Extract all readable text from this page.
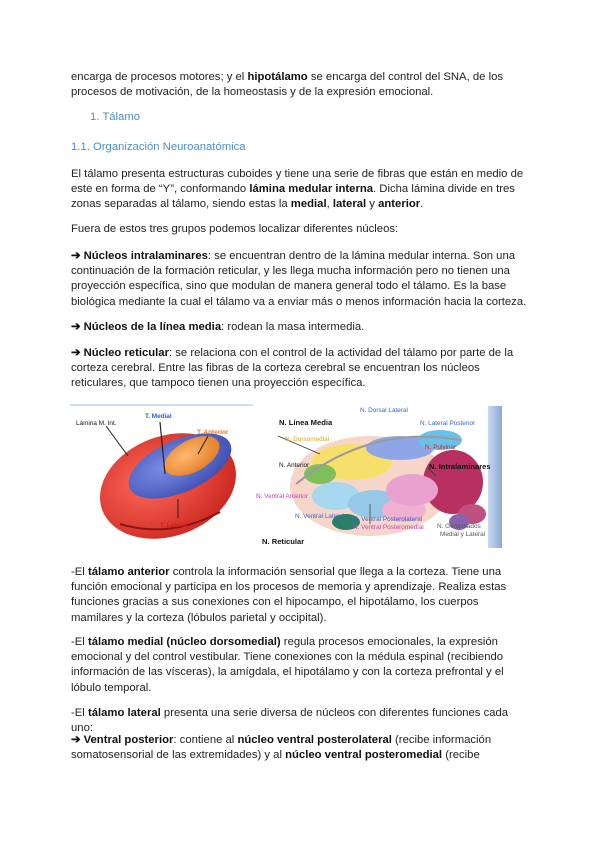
encarga de procesos motores; y el hipotálamo se encarga del control del SNA, de los procesos de motivación, de la homeostasis y de la expresión emocional.

1. Tálamo
1.1. Organización Neuroanatómica

El tálamo presenta estructuras cuboides y tiene una serie de fibras que están en medio de este en forma de “Y”, conformando lámina medular interna. Dicha lámina divide en tres zonas separadas al tálamo, siendo estas la medial, lateral y anterior.

Fuera de estos tres grupos podemos localizar diferentes núcleos:

➔ Núcleos intralaminares: se encuentran dentro de la lámina medular interna. Son una continuación de la formación reticular, y les llega mucha información pero no tienen una proyección específica, sino que modulan de manera general todo el tálamo. Es la base biológica mediante la cual el tálamo va a enviar más o menos información hacia la corteza.

➔ Núcleos de la línea media: rodean la masa intermedia.

➔ Núcleo reticular: se relaciona con el control de la actividad del tálamo por parte de la corteza cerebral. Entre las fibras de la corteza cerebral se encuentran los núcleos reticulares, que tampoco tienen una proyección específica.

Lámina M. Int.
T. Medial
T. Anterior
T. Lateral
N. Línea Media
N. Dorsal Lateral
N. Lateral Posterior
N. Dorsomedial
N. Pulvinar
N. Anterior	N. Intralaminares
N. Ventral Anterior
N. Ventral Lateral N. Ventral Posterolateral
N. Ventral Posteromedial N. Geniculados
Medial y Lateral
N. Reticular

-El tálamo anterior controla la información sensorial que llega a la corteza. Tiene una función emocional y participa en los procesos de memoria y aprendizaje. Realiza estas funciones gracias a sus conexiones con el hipocampo, el hipotálamo, los cuerpos mamilares y la corteza (lóbulos parietal y occipital).

-El tálamo medial (núcleo dorsomedial) regula procesos emocionales, la expresión emocional y del control vestibular. Tiene conexiones con la médula espinal (recibiendo información de las vísceras), la amígdala, el hipotálamo y con la corteza prefrontal y el lóbulo temporal.

-El tálamo lateral presenta una serie diversa de núcleos con diferentes funciones cada uno:

➔ Ventral posterior: contiene al núcleo ventral posterolateral (recibe información somatosensorial de las extremidades) y al núcleo ventral posteromedial (recibe
